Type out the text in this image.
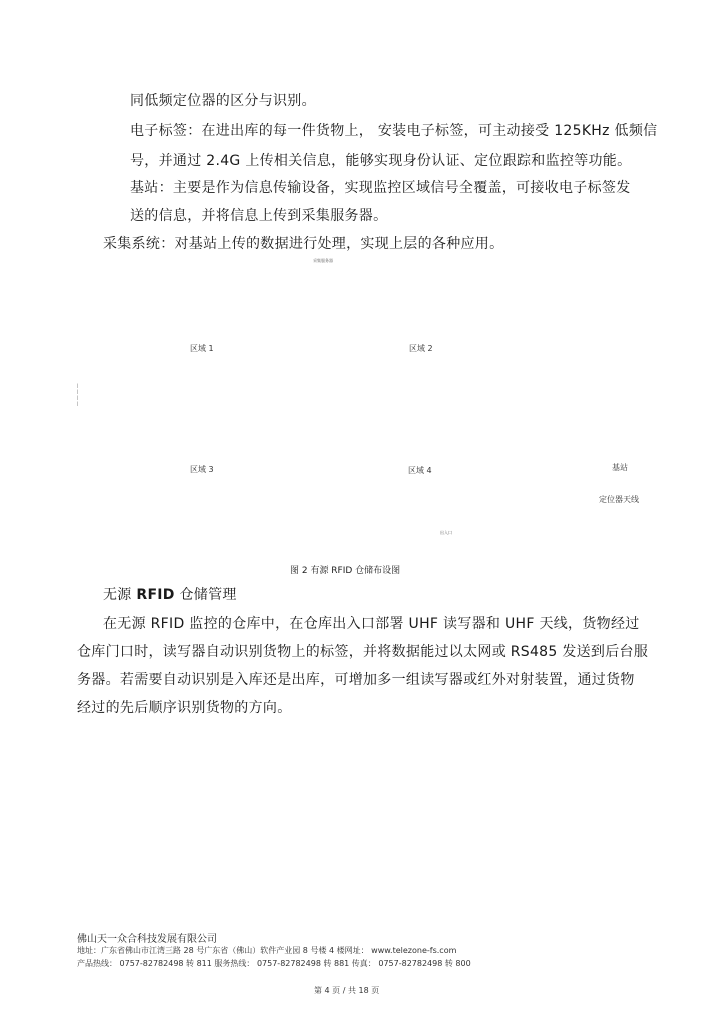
同低频定位器的区分与识别。
电子标签：在进出库的每一件货物上， 安装电子标签，可主动接受 125KHz 低频信
号，并通过 2.4G 上传相关信息，能够实现身份认证、定位跟踪和监控等功能。
基站：主要是作为信息传输设备，实现监控区域信号全覆盖，可接收电子标签发
送的信息，并将信息上传到采集服务器。
采集系统：对基站上传的数据进行处理，实现上层的各种应用。
采集服务器
区域 1	区域 2
|
|
|
|
区域 3	区域 4	基站
定位器天线
出入口
图 2 有源 RFID 仓储布设图
无源 RFID 仓储管理
在无源 RFID 监控的仓库中，在仓库出入口部署 UHF 读写器和 UHF 天线，货物经过
仓库门口时，读写器自动识别货物上的标签，并将数据能过以太网或 RS485 发送到后台服
务器。若需要自动识别是入库还是出库，可增加多一组读写器或红外对射装置，通过货物
经过的先后顺序识别货物的方向。
佛山天一众合科技发展有限公司
地址：广东省佛山市江湾三路 28 号广东省（佛山）软件产业园 8 号楼 4 楼网址： www.telezone-fs.com
产品热线： 0757-82782498 转 811 服务热线： 0757-82782498 转 881 传真： 0757-82782498 转 800
第 4 页 / 共 18 页
